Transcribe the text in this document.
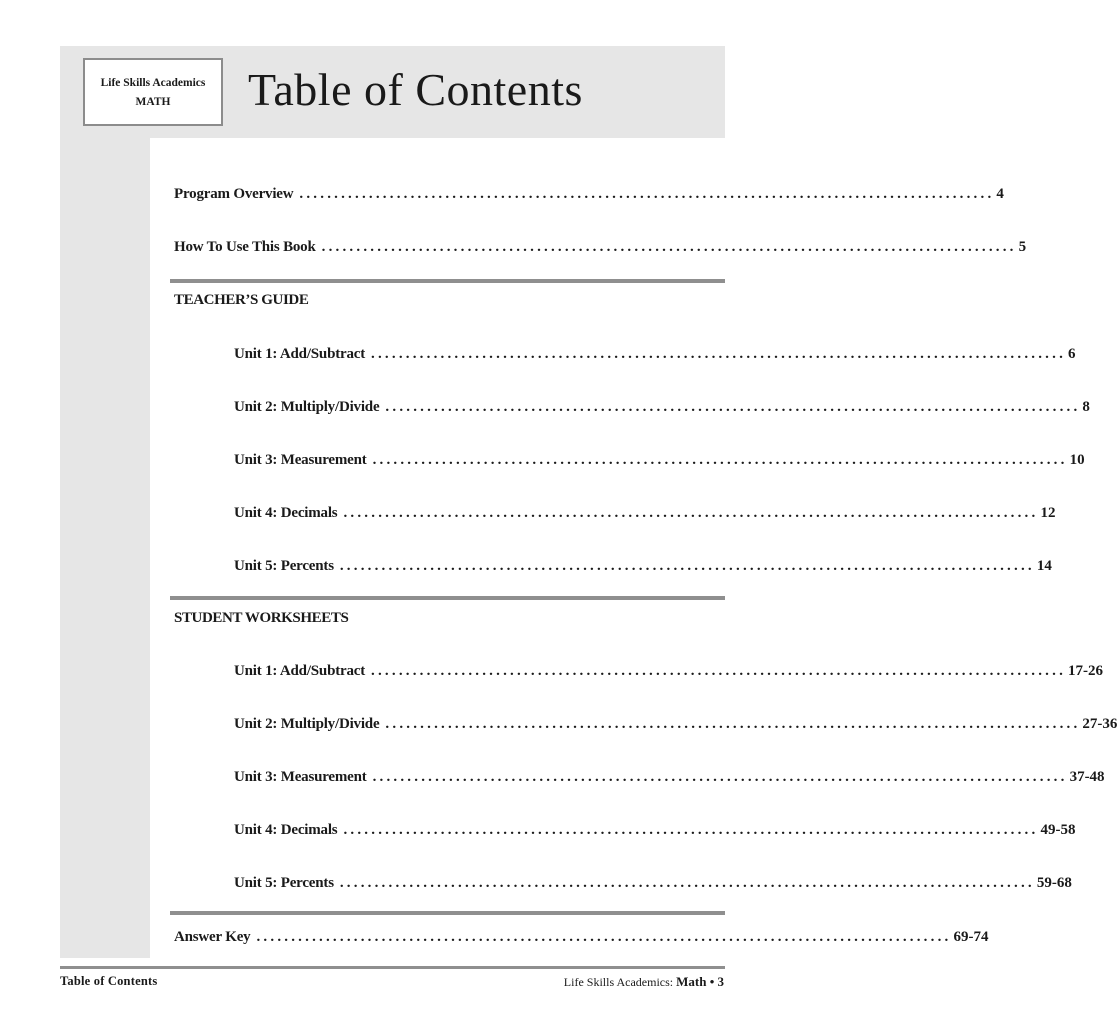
Life Skills Academics
MATH	Table of Contents
Program Overview .................................................................................................... 4
How To Use This Book .................................................................................................... 5
TEACHER’S GUIDE
Unit 1: Add/Subtract .................................................................................................... 6
Unit 2: Multiply/Divide .................................................................................................... 8
Unit 3: Measurement .................................................................................................... 10
Unit 4: Decimals .................................................................................................... 12
Unit 5: Percents .................................................................................................... 14
STUDENT WORKSHEETS
Unit 1: Add/Subtract .................................................................................................... 17-26
Unit 2: Multiply/Divide .................................................................................................... 27-36
Unit 3: Measurement .................................................................................................... 37-48
Unit 4: Decimals .................................................................................................... 49-58
Unit 5: Percents .................................................................................................... 59-68
Answer Key .................................................................................................... 69-74
Table of Contents	Life Skills Academics: Math • 3
